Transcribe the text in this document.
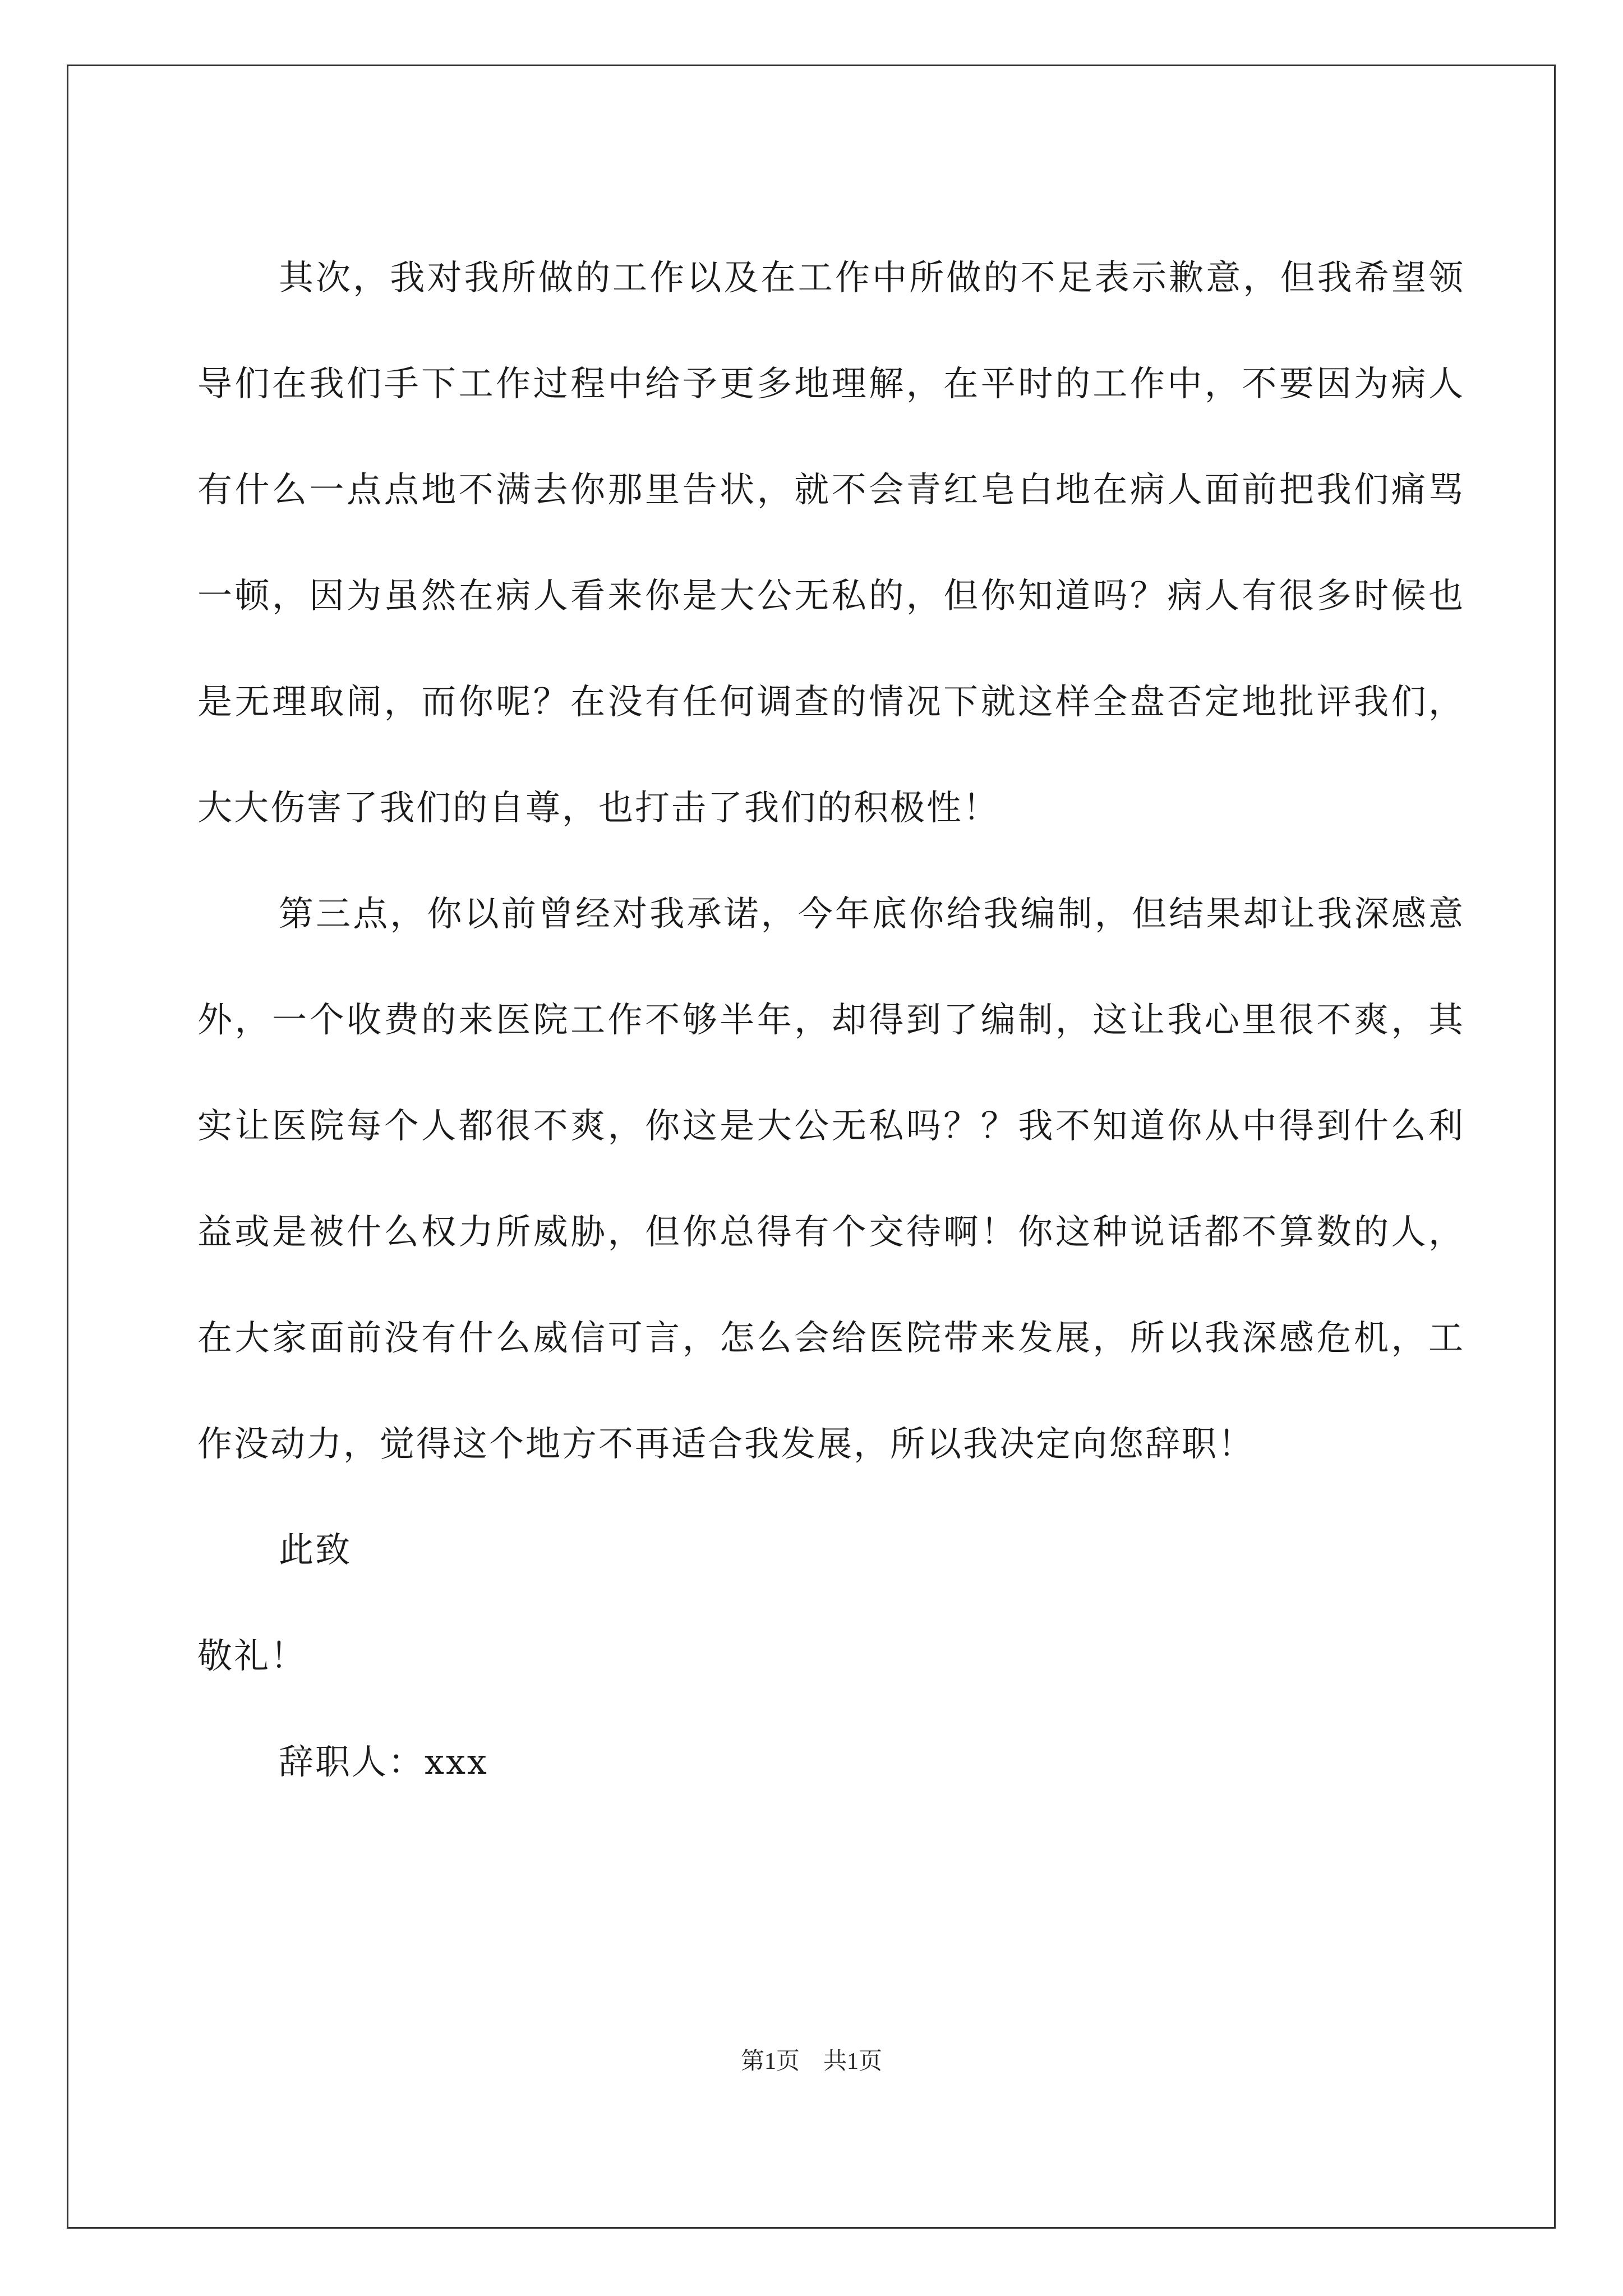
其次，我对我所做的工作以及在工作中所做的不足表示歉意，但我希望领导们在我们手下工作过程中给予更多地理解，在平时的工作中，不要因为病人有什么一点点地不满去你那里告状，就不会青红皂白地在病人面前把我们痛骂一顿，因为虽然在病人看来你是大公无私的，但你知道吗？病人有很多时候也是无理取闹，而你呢？在没有任何调查的情况下就这样全盘否定地批评我们，大大伤害了我们的自尊，也打击了我们的积极性！

第三点，你以前曾经对我承诺，今年底你给我编制，但结果却让我深感意外，一个收费的来医院工作不够半年，却得到了编制，这让我心里很不爽，其实让医院每个人都很不爽，你这是大公无私吗？？我不知道你从中得到什么利益或是被什么权力所威胁，但你总得有个交待啊！你这种说话都不算数的人，在大家面前没有什么威信可言，怎么会给医院带来发展，所以我深感危机，工作没动力，觉得这个地方不再适合我发展，所以我决定向您辞职！

此致

敬礼！

辞职人：xxx

第1页　共1页
